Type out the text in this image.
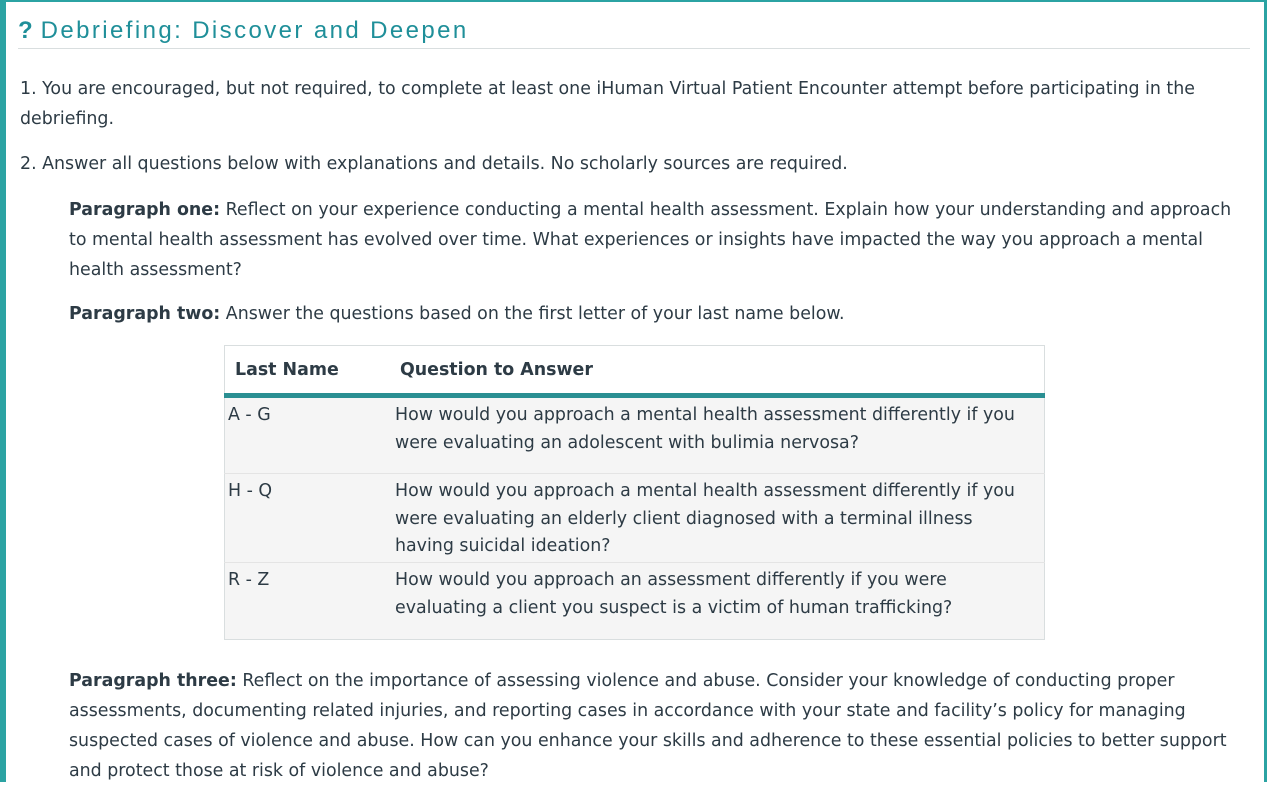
? Debriefing: Discover and Deepen

1. You are encouraged, but not required, to complete at least one iHuman Virtual Patient Encounter attempt before participating in the debriefing.

2. Answer all questions below with explanations and details. No scholarly sources are required.

Paragraph one: Reflect on your experience conducting a mental health assessment. Explain how your understanding and approach to mental health assessment has evolved over time. What experiences or insights have impacted the way you approach a mental health assessment?

Paragraph two: Answer the questions based on the first letter of your last name below.

Last Name	Question to Answer
A - G	How would you approach a mental health assessment differently if you were evaluating an adolescent with bulimia nervosa?
H - Q	How would you approach a mental health assessment differently if you were evaluating an elderly client diagnosed with a terminal illness having suicidal ideation?
R - Z	How would you approach an assessment differently if you were evaluating a client you suspect is a victim of human trafficking?

Paragraph three: Reflect on the importance of assessing violence and abuse. Consider your knowledge of conducting proper assessments, documenting related injuries, and reporting cases in accordance with your state and facility’s policy for managing suspected cases of violence and abuse. How can you enhance your skills and adherence to these essential policies to better support and protect those at risk of violence and abuse?
